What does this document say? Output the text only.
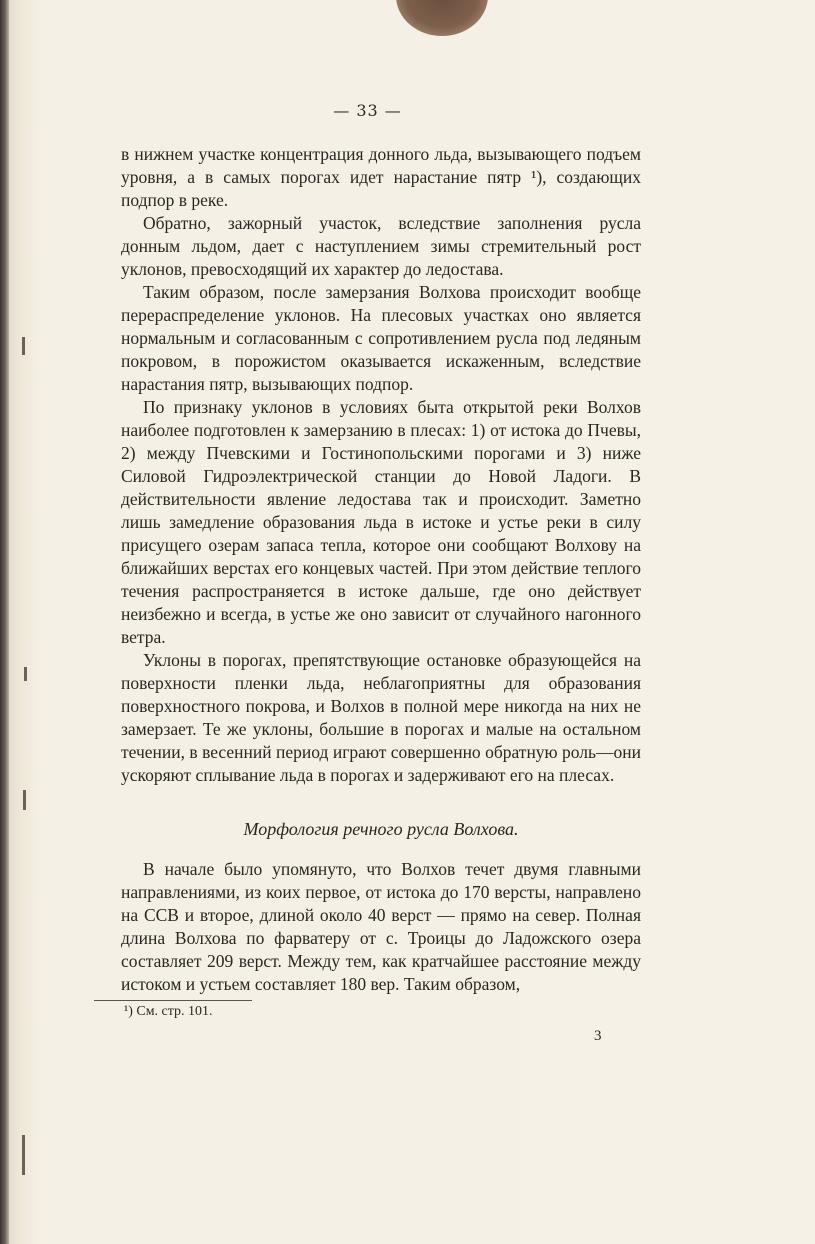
— 33 —

в нижнем участке концентрация донного льда, вызывающего подъем уровня, а в самых порогах идет нарастание пятр ¹), создающих подпор в реке.

Обратно, зажорный участок, вследствие заполнения русла донным льдом, дает с наступлением зимы стремительный рост уклонов, превосходящий их характер до ледостава.

Таким образом, после замерзания Волхова происходит вообще перераспределение уклонов. На плесовых участках оно является нормальным и согласованным с сопротивлением русла под ледяным покровом, в порожистом оказывается искаженным, вследствие нарастания пятр, вызывающих подпор.

По признаку уклонов в условиях быта открытой реки Волхов наиболее подготовлен к замерзанию в плесах: 1) от истока до Пчевы, 2) между Пчевскими и Гостинопольскими порогами и 3) ниже Силовой Гидроэлектрической станции до Новой Ладоги. В действительности явление ледостава так и происходит. Заметно лишь замедление образования льда в истоке и устье реки в силу присущего озерам запаса тепла, которое они сообщают Волхову на ближайших верстах его концевых частей. При этом действие теплого течения распространяется в истоке дальше, где оно действует неизбежно и всегда, в устье же оно зависит от случайного нагонного ветра.

Уклоны в порогах, препятствующие остановке образующейся на поверхности пленки льда, неблагоприятны для образования поверхностного покрова, и Волхов в полной мере никогда на них не замерзает. Те же уклоны, большие в порогах и малые на остальном течении, в весенний период играют совершенно обратную роль—они ускоряют сплывание льда в порогах и задерживают его на плесах.

Морфология речного русла Волхова.

В начале было упомянуто, что Волхов течет двумя главными направлениями, из коих первое, от истока до 170 версты, направлено на ССВ и второе, длиной около 40 верст — прямо на север. Полная длина Волхова по фарватеру от с. Троицы до Ладожского озера составляет 209 верст. Между тем, как кратчайшее расстояние между истоком и устьем составляет 180 вер. Таким образом,

¹) См. стр. 101.
3
